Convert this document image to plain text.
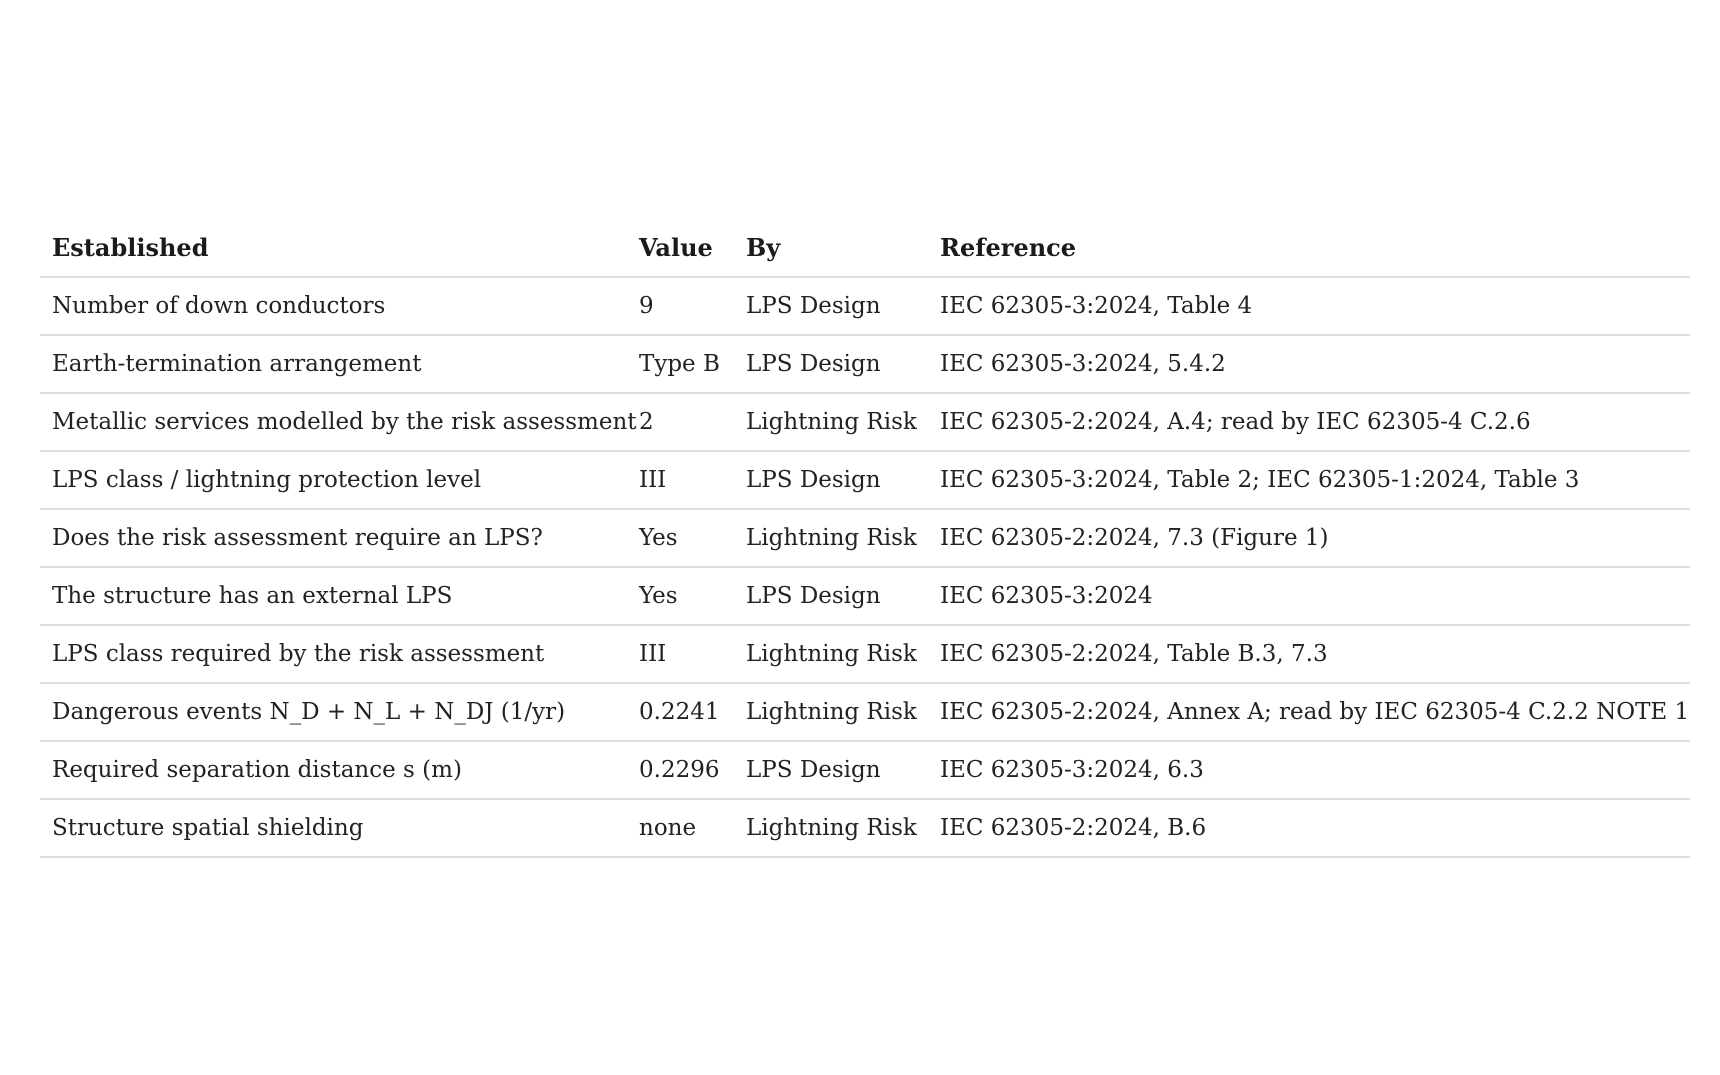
Established	Value	By	Reference
Number of down conductors	9	LPS Design	IEC 62305-3:2024, Table 4
Earth-termination arrangement	Type B	LPS Design	IEC 62305-3:2024, 5.4.2
Metallic services modelled by the risk assessment	2	Lightning Risk	IEC 62305-2:2024, A.4; read by IEC 62305-4 C.2.6
LPS class / lightning protection level	III	LPS Design	IEC 62305-3:2024, Table 2; IEC 62305-1:2024, Table 3
Does the risk assessment require an LPS?	Yes	Lightning Risk	IEC 62305-2:2024, 7.3 (Figure 1)
The structure has an external LPS	Yes	LPS Design	IEC 62305-3:2024
LPS class required by the risk assessment	III	Lightning Risk	IEC 62305-2:2024, Table B.3, 7.3
Dangerous events N_D + N_L + N_DJ (1/yr)	0.2241	Lightning Risk	IEC 62305-2:2024, Annex A; read by IEC 62305-4 C.2.2 NOTE 1
Required separation distance s (m)	0.2296	LPS Design	IEC 62305-3:2024, 6.3
Structure spatial shielding	none	Lightning Risk	IEC 62305-2:2024, B.6
